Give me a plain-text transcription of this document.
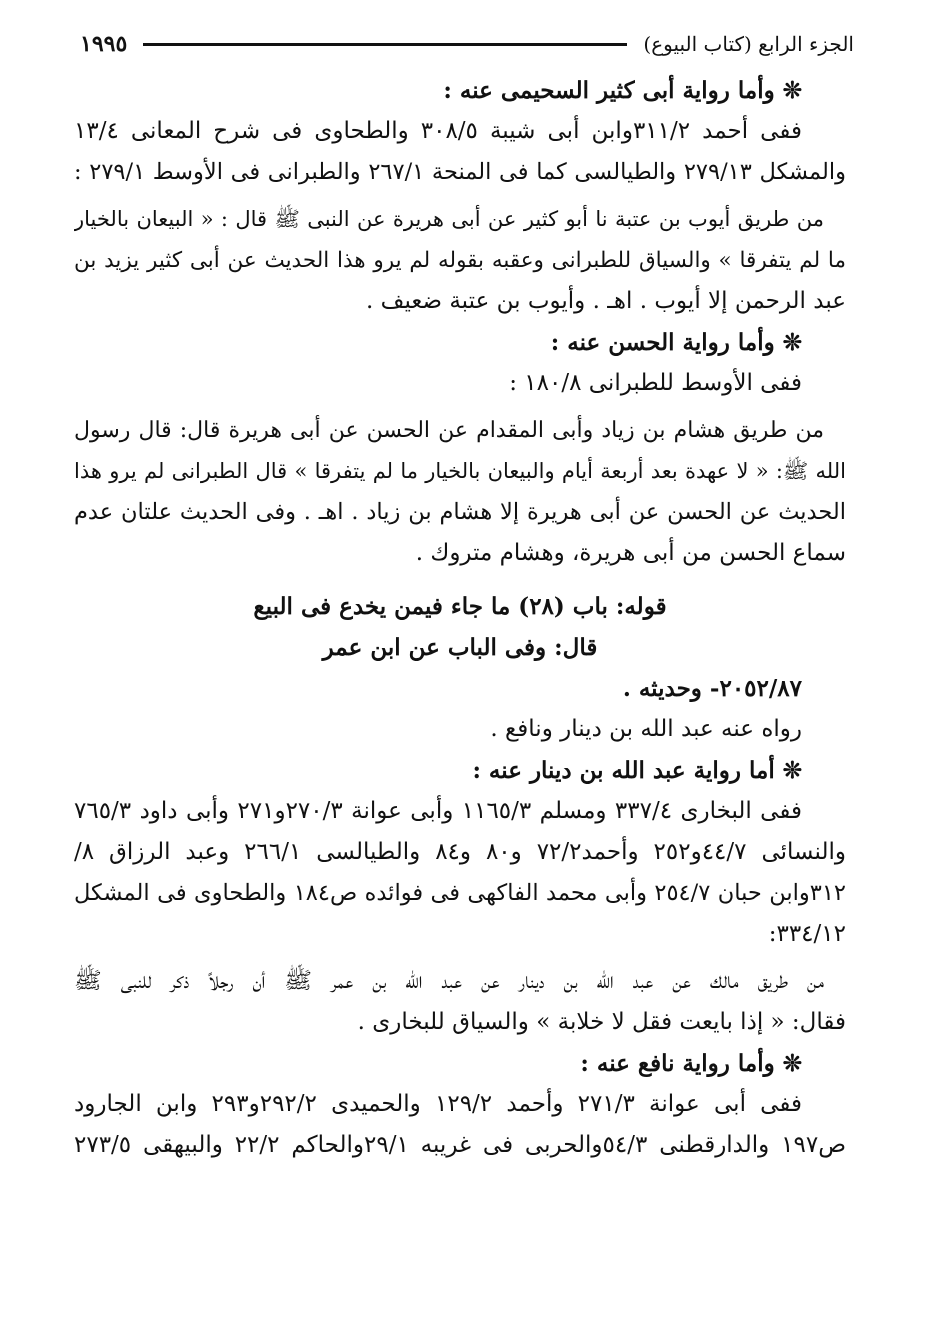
الجزء الرابع (كتاب البيوع)
١٩٩٥
❊ وأما رواية أبى كثير السحيمى عنه :
ففى أحمد ٣١١/٢وابن أبى شيبة ٣٠٨/٥ والطحاوى فى شرح المعانى ١٣/٤
والمشكل ٢٧٩/١٣ والطيالسى كما فى المنحة ٢٦٧/١ والطبرانى فى الأوسط ٢٧٩/١ :
من طريق أيوب بن عتبة نا أبو كثير عن أبى هريرة عن النبى ﷺ قال : « البيعان بالخيار
ما لم يتفرقا » والسياق للطبرانى وعقبه بقوله لم يرو هذا الحديث عن أبى كثير يزيد بن
عبد الرحمن إلا أيوب . اهـ . وأيوب بن عتبة ضعيف .
❊ وأما رواية الحسن عنه :
ففى الأوسط للطبرانى ١٨٠/٨ :
من طريق هشام بن زياد وأبى المقدام عن الحسن عن أبى هريرة قال: قال رسول
الله ﷺ: « لا عهدة بعد أربعة أيام والبيعان بالخيار ما لم يتفرقا » قال الطبرانى لم يرو هذا
الحديث عن الحسن عن أبى هريرة إلا هشام بن زياد . اهـ . وفى الحديث علتان عدم
سماع الحسن من أبى هريرة، وهشام متروك .
قوله: باب (٢٨) ما جاء فيمن يخدع فى البيع
قال: وفى الباب عن ابن عمر
٢٠٥٢/٨٧- وحديثه .
رواه عنه عبد الله بن دينار ونافع .
❊ أما رواية عبد الله بن دينار عنه :
ففى البخارى ٣٣٧/٤ ومسلم ١١٦٥/٣ وأبى عوانة ٢٧٠/٣و٢٧١ وأبى داود ٧٦٥/٣
والنسائى ٤٤/٧و٢٥٢ وأحمد٧٢/٢ و٨٠ و٨٤ والطيالسى ٢٦٦/١ وعبد الرزاق ٨/
٣١٢وابن حبان ٢٥٤/٧ وأبى محمد الفاكهى فى فوائده ص١٨٤ والطحاوى فى المشكل
٣٣٤/١٢:
من طريق مالك عن عبد الله بن دينار عن عبد الله بن عمر ﷺ أن رجلاً ذكر للنبى ﷺ
فقال: « إذا بايعت فقل لا خلابة » والسياق للبخارى .
❊ وأما رواية نافع عنه :
ففى أبى عوانة ٢٧١/٣ وأحمد ١٢٩/٢ والحميدى ٢٩٢/٢و٢٩٣ وابن الجارود
ص١٩٧ والدارقطنى ٥٤/٣والحربى فى غريبه ٢٩/١والحاكم ٢٢/٢ والبيهقى ٢٧٣/٥
